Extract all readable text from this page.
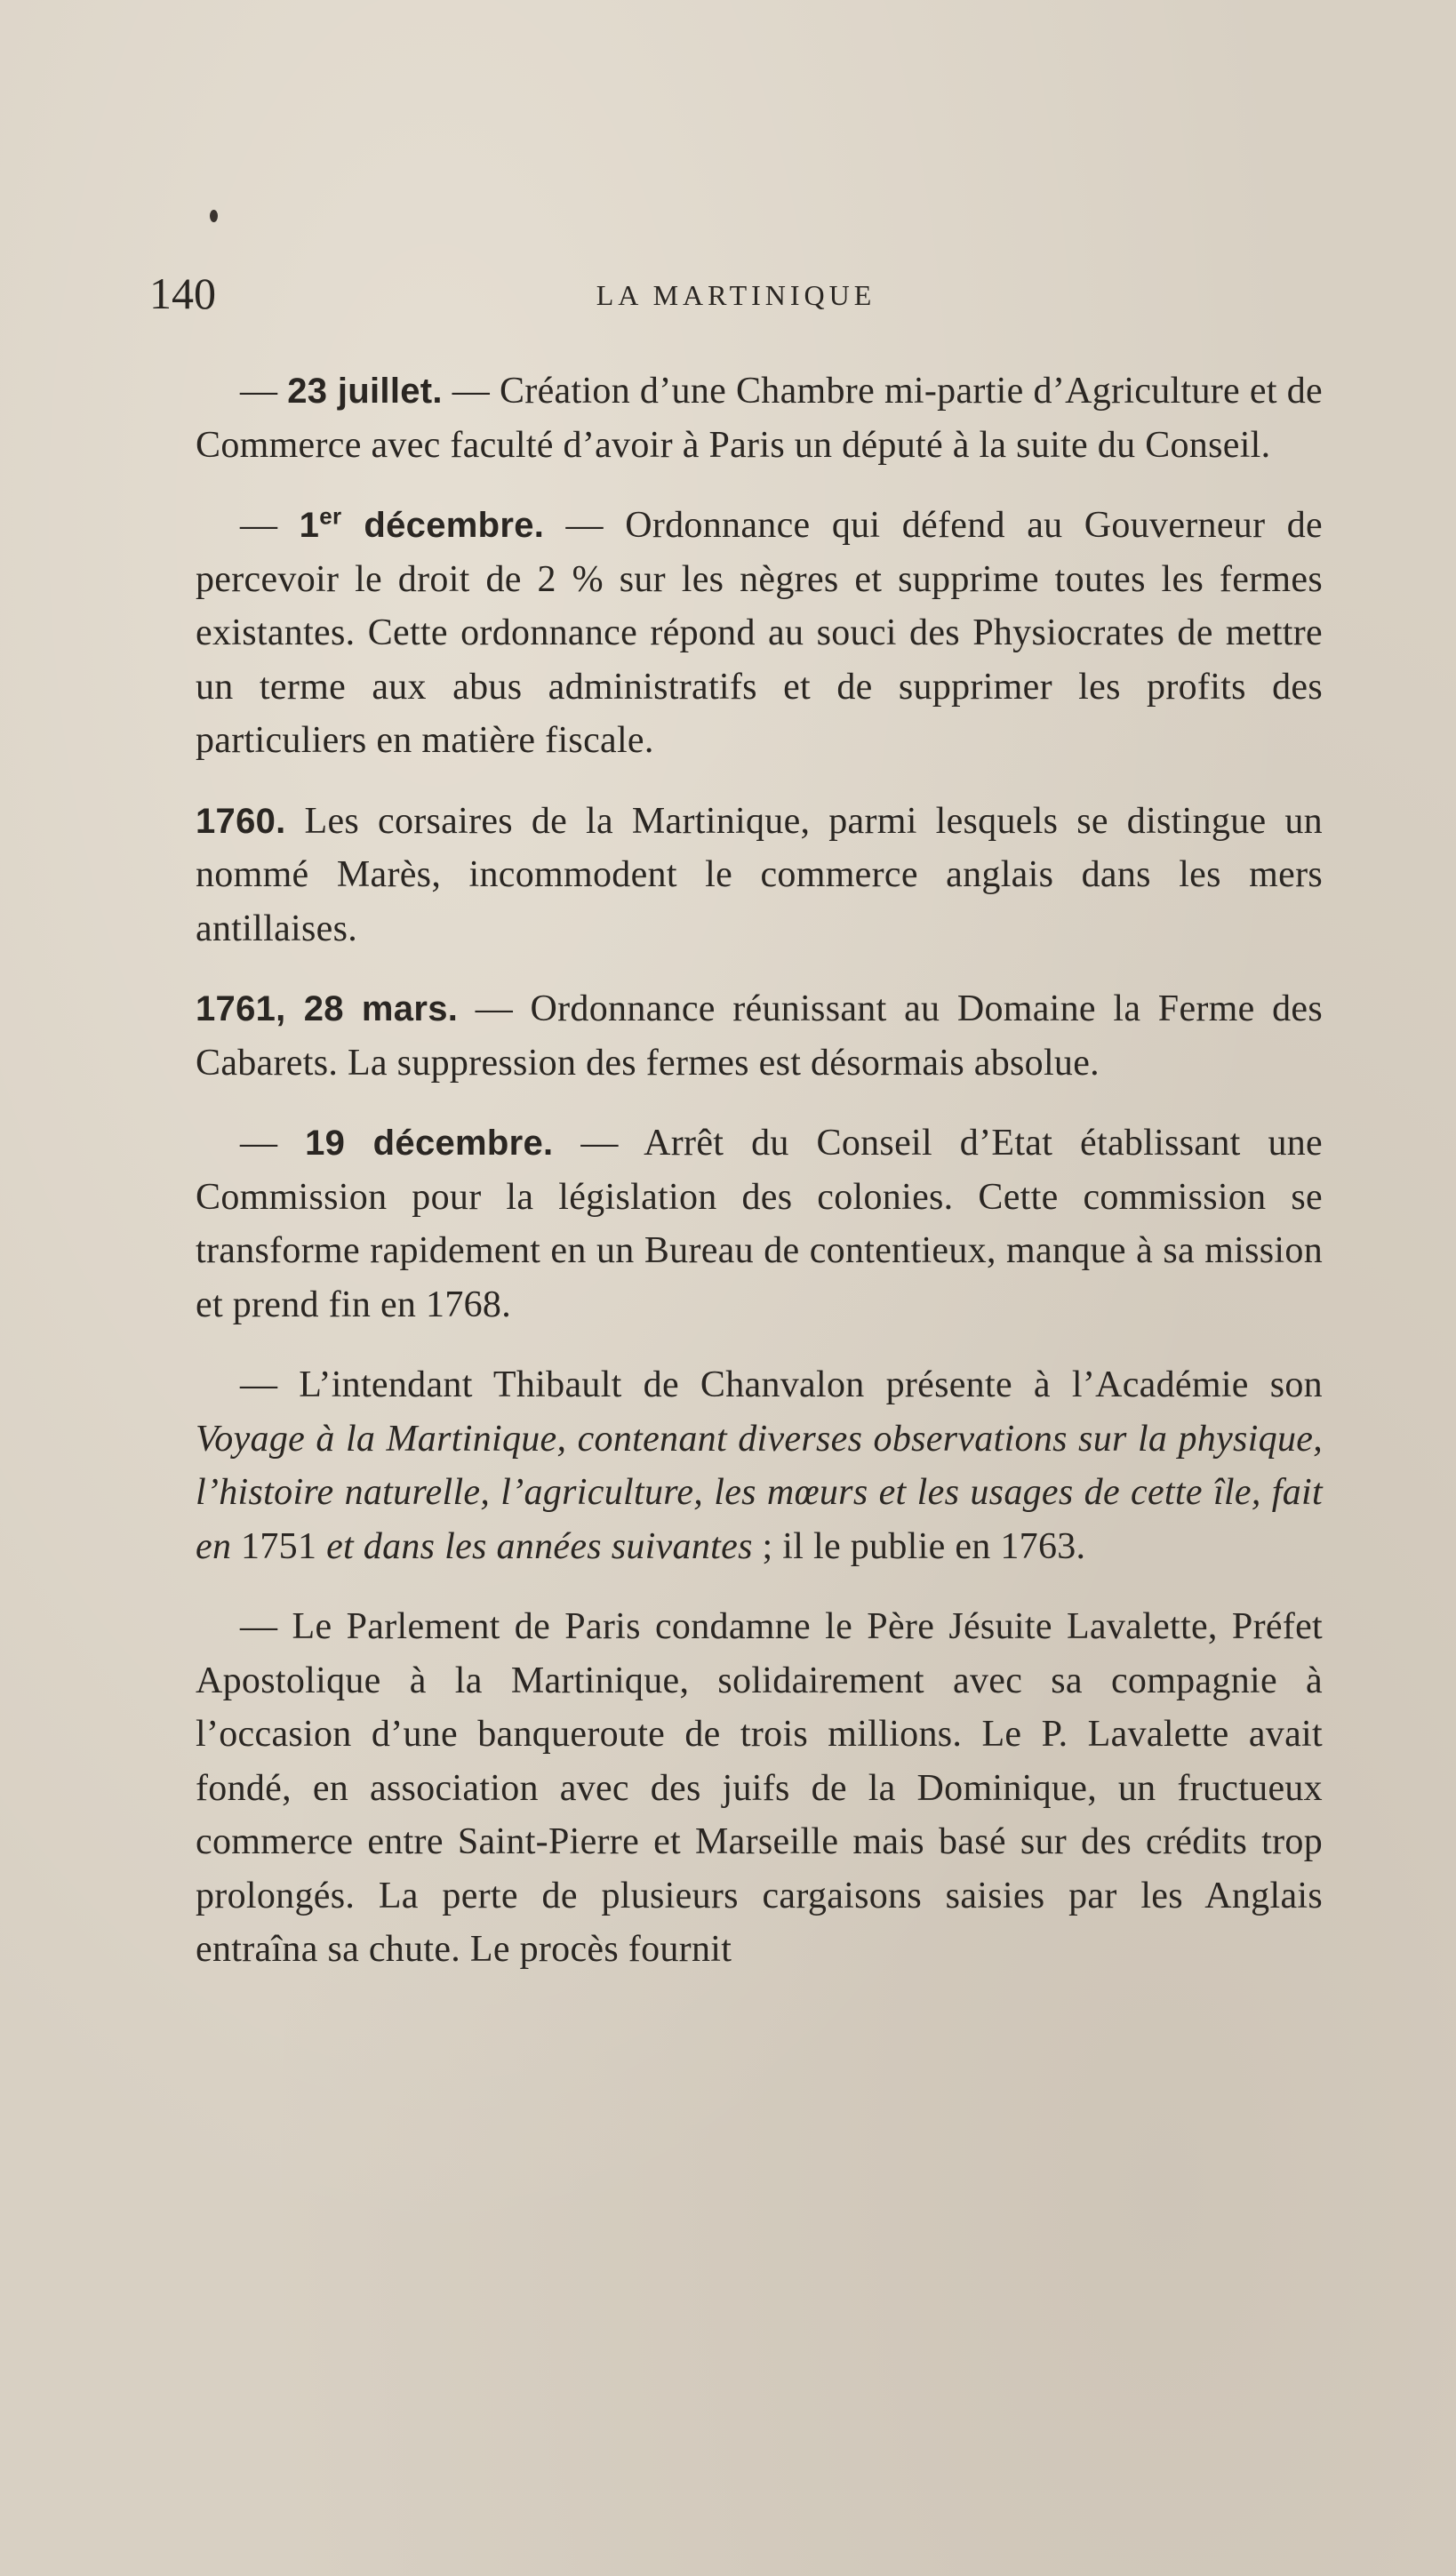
140	LA MARTINIQUE

— 23 juillet. — Création d’une Chambre mi-partie d’Agriculture et de Commerce avec faculté d’avoir à Paris un député à la suite du Conseil.

— 1er décembre. — Ordonnance qui défend au Gouverneur de percevoir le droit de 2 % sur les nègres et supprime toutes les fermes existantes. Cette ordonnance répond au souci des Physiocrates de mettre un terme aux abus administratifs et de supprimer les profits des particuliers en matière fiscale.

1760. Les corsaires de la Martinique, parmi lesquels se distingue un nommé Marès, incommodent le commerce anglais dans les mers antillaises.

1761, 28 mars. — Ordonnance réunissant au Domaine la Ferme des Cabarets. La suppression des fermes est désormais absolue.

— 19 décembre. — Arrêt du Conseil d’Etat établissant une Commission pour la législation des colonies. Cette commission se transforme rapidement en un Bureau de contentieux, manque à sa mission et prend fin en 1768.

— L’intendant Thibault de Chanvalon présente à l’Académie son Voyage à la Martinique, contenant diverses observations sur la physique, l’histoire naturelle, l’agriculture, les mœurs et les usages de cette île, fait en 1751 et dans les années suivantes ; il le publie en 1763.

— Le Parlement de Paris condamne le Père Jésuite Lavalette, Préfet Apostolique à la Martinique, solidairement avec sa compagnie à l’occasion d’une banqueroute de trois millions. Le P. Lavalette avait fondé, en association avec des juifs de la Dominique, un fructueux commerce entre Saint-Pierre et Marseille mais basé sur des crédits trop prolongés. La perte de plusieurs cargaisons saisies par les Anglais entraîna sa chute. Le procès fournit
